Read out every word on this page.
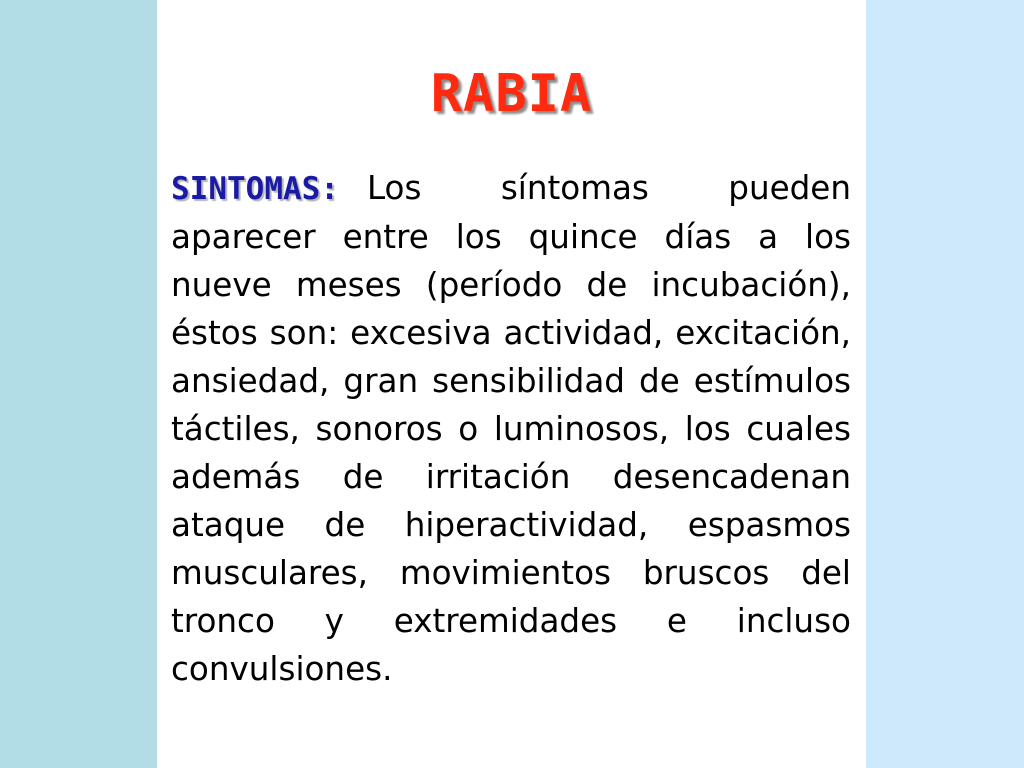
RABIA
SINTOMAS: Los síntomas pueden aparecer entre los quince días a los nueve meses (período de incubación), éstos son: excesiva actividad, excitación, ansiedad, gran sensibilidad de estímulos táctiles, sonoros o luminosos, los cuales además de irritación desencadenan ataque de hiperactividad, espasmos musculares, movimientos bruscos del tronco y extremidades e incluso convulsiones.
